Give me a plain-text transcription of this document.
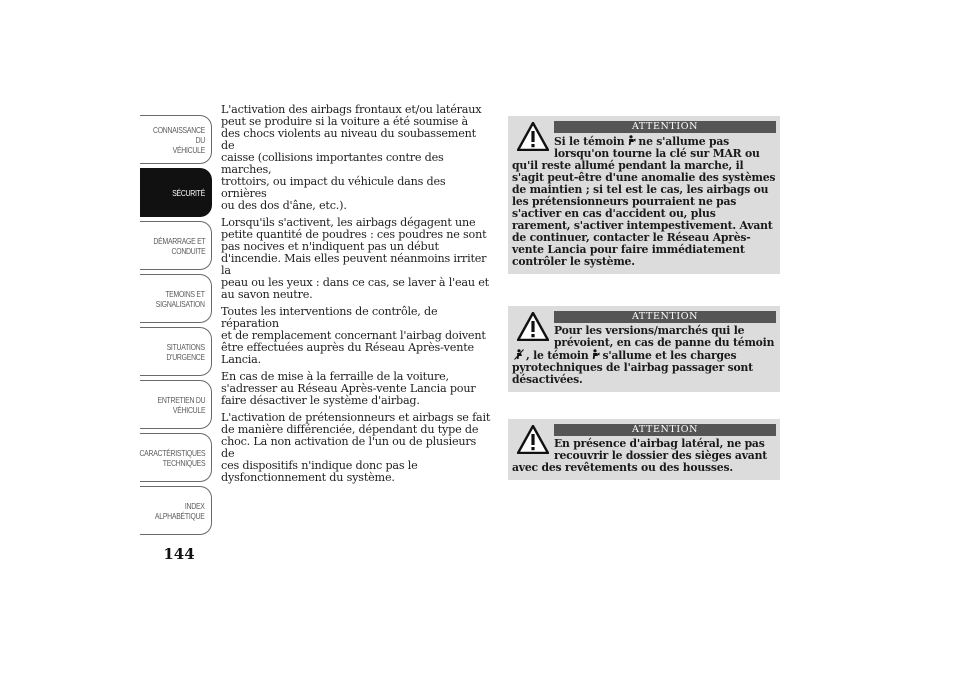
CONNAISSANCE DU
VÉHICULE
SÉCURITÉ
DÉMARRAGE ET
CONDUITE
TEMOINS ET
SIGNALISATION
SITUATIONS
D'URGENCE
ENTRETIEN DU
VÉHICULE
CARACTÉRISTIQUES
TECHNIQUES
INDEX
ALPHABÉTIQUE
144

L'activation des airbags frontaux et/ou latéraux
peut se produire si la voiture a été soumise à
des chocs violents au niveau du soubassement de
caisse (collisions importantes contre des marches,
trottoirs, ou impact du véhicule dans des ornières
ou des dos d'âne, etc.).

Lorsqu'ils s'activent, les airbags dégagent une
petite quantité de poudres : ces poudres ne sont
pas nocives et n'indiquent pas un début
d'incendie. Mais elles peuvent néanmoins irriter la
peau ou les yeux : dans ce cas, se laver à l'eau et
au savon neutre.

Toutes les interventions de contrôle, de réparation
et de remplacement concernant l'airbag doivent
être effectuées auprès du Réseau Après-vente
Lancia.

En cas de mise à la ferraille de la voiture,
s'adresser au Réseau Après-vente Lancia pour
faire désactiver le système d'airbag.

L'activation de prétensionneurs et airbags se fait
de manière différenciée, dépendant du type de
choc. La non activation de l'un ou de plusieurs de
ces dispositifs n'indique donc pas le
dysfonctionnement du système.

ATTENTION
Si le témoin ne s'allume pas
lorsqu'on tourne la clé sur MAR ou
qu'il reste allumé pendant la marche, il
s'agit peut-être d'une anomalie des systèmes
de maintien ; si tel est le cas, les airbags ou
les prétensionneurs pourraient ne pas
s'activer en cas d'accident ou, plus
rarement, s'activer intempestivement. Avant
de continuer, contacter le Réseau Après-
vente Lancia pour faire immédiatement
contrôler le système.
ATTENTION
Pour les versions/marchés qui le
prévoient, en cas de panne du témoin
, le témoin s'allume et les charges
pyrotechniques de l'airbag passager sont
désactivées.
ATTENTION
En présence d'airbag latéral, ne pas
recouvrir le dossier des sièges avant
avec des revêtements ou des housses.
